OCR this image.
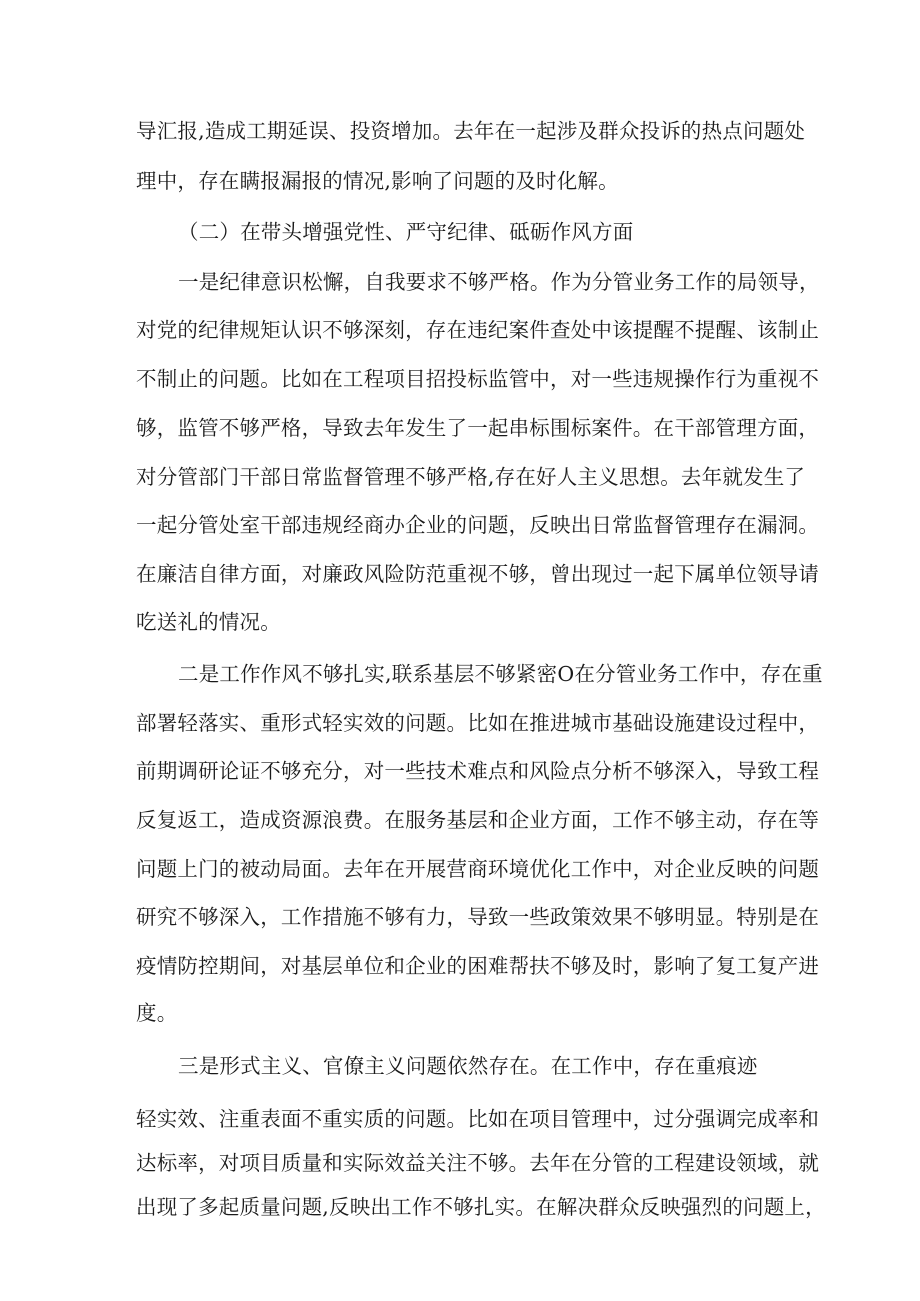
导汇报,造成工期延误、投资增加。去年在一起涉及群众投诉的热点问题处
理中，存在瞒报漏报的情况,影响了问题的及时化解。
（二）在带头增强党性、严守纪律、砥砺作风方面
一是纪律意识松懈，自我要求不够严格。作为分管业务工作的局领导，
对党的纪律规矩认识不够深刻，存在违纪案件查处中该提醒不提醒、该制止
不制止的问题。比如在工程项目招投标监管中，对一些违规操作行为重视不
够，监管不够严格，导致去年发生了一起串标围标案件。在干部管理方面，
对分管部门干部日常监督管理不够严格,存在好人主义思想。去年就发生了
一起分管处室干部违规经商办企业的问题，反映出日常监督管理存在漏洞。
在廉洁自律方面，对廉政风险防范重视不够，曾出现过一起下属单位领导请
吃送礼的情况。
二是工作作风不够扎实,联系基层不够紧密O在分管业务工作中，存在重
部署轻落实、重形式轻实效的问题。比如在推进城市基础设施建设过程中，
前期调研论证不够充分，对一些技术难点和风险点分析不够深入，导致工程
反复返工，造成资源浪费。在服务基层和企业方面，工作不够主动，存在等
问题上门的被动局面。去年在开展营商环境优化工作中，对企业反映的问题
研究不够深入，工作措施不够有力，导致一些政策效果不够明显。特别是在
疫情防控期间，对基层单位和企业的困难帮扶不够及时，影响了复工复产进
度。
三是形式主义、官僚主义问题依然存在。在工作中，存在重痕迹
轻实效、注重表面不重实质的问题。比如在项目管理中，过分强调完成率和
达标率，对项目质量和实际效益关注不够。去年在分管的工程建设领域，就
出现了多起质量问题,反映出工作不够扎实。在解决群众反映强烈的问题上，
